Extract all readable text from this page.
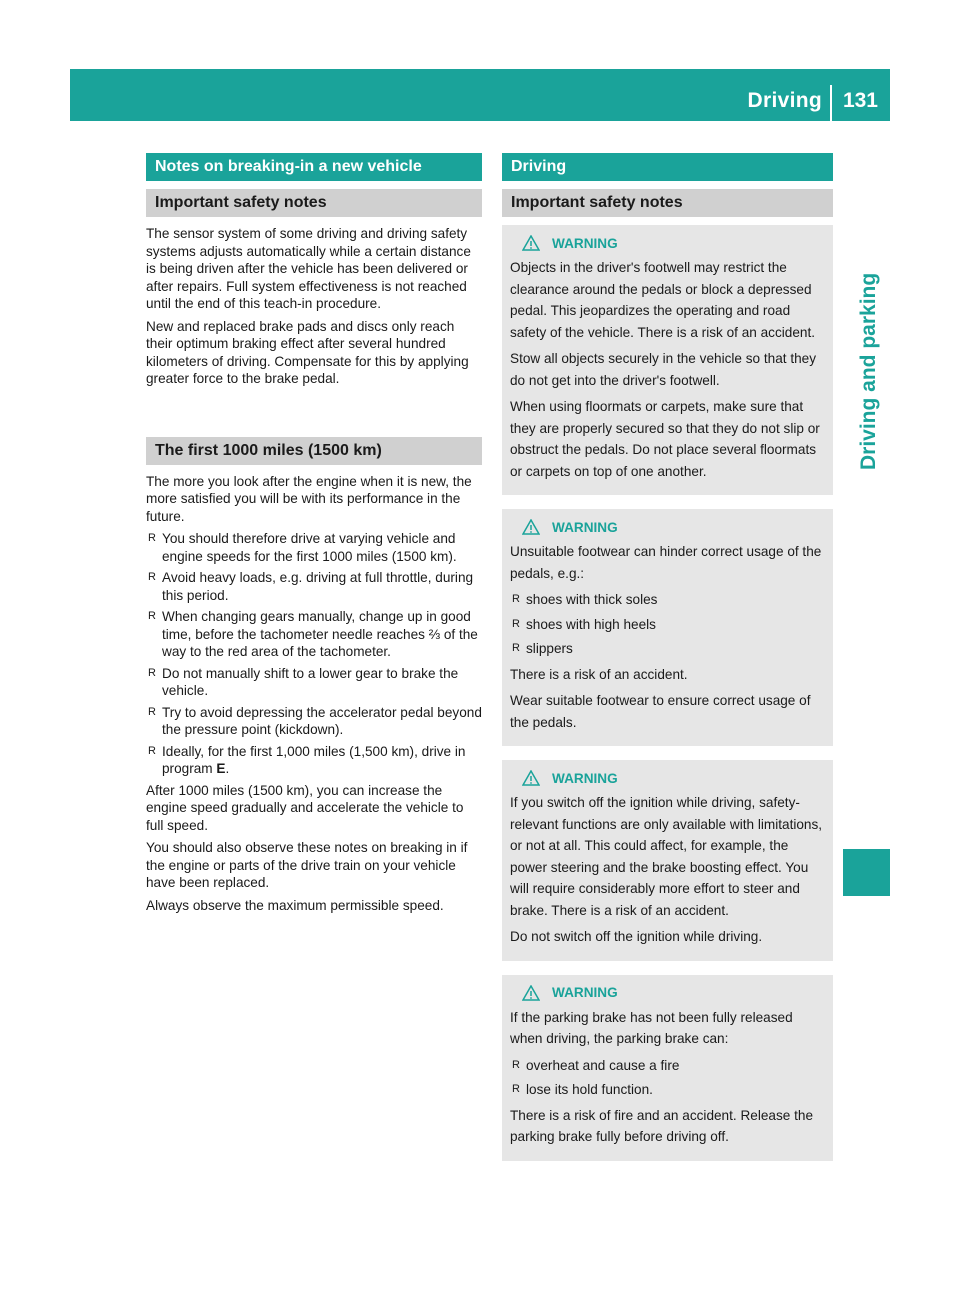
Driving 131
Driving and parking
Notes on breaking-in a new vehicle
Important safety notes

The sensor system of some driving and driving safety systems adjusts automatically while a certain distance is being driven after the vehicle has been delivered or after repairs. Full system effectiveness is not reached until the end of this teach-in procedure.

New and replaced brake pads and discs only reach their optimum braking effect after several hundred kilometers of driving. Compensate for this by applying greater force to the brake pedal.

The first 1000 miles (1500 km)

The more you look after the engine when it is new, the more satisfied you will be with its performance in the future.

R You should therefore drive at varying vehicle and engine speeds for the first 1000 miles (1500 km).
R Avoid heavy loads, e.g. driving at full throttle, during this period.
R When changing gears manually, change up in good time, before the tachometer needle reaches ⅔ of the way to the red area of the tachometer.
R Do not manually shift to a lower gear to brake the vehicle.
R Try to avoid depressing the accelerator pedal beyond the pressure point (kickdown).
R Ideally, for the first 1,000 miles (1,500 km), drive in program E.

After 1000 miles (1500 km), you can increase the engine speed gradually and accelerate the vehicle to full speed.

You should also observe these notes on breaking in if the engine or parts of the drive train on your vehicle have been replaced.

Always observe the maximum permissible speed.

Driving
Important safety notes
WARNING

Objects in the driver's footwell may restrict the clearance around the pedals or block a depressed pedal. This jeopardizes the operating and road safety of the vehicle. There is a risk of an accident.

Stow all objects securely in the vehicle so that they do not get into the driver's footwell.

When using floormats or carpets, make sure that they are properly secured so that they do not slip or obstruct the pedals. Do not place several floormats or carpets on top of one another.

WARNING

Unsuitable footwear can hinder correct usage of the pedals, e.g.:

R shoes with thick soles
R shoes with high heels
R slippers

There is a risk of an accident.

Wear suitable footwear to ensure correct usage of the pedals.

WARNING

If you switch off the ignition while driving, safety-relevant functions are only available with limitations, or not at all. This could affect, for example, the power steering and the brake boosting effect. You will require considerably more effort to steer and brake. There is a risk of an accident.

Do not switch off the ignition while driving.

WARNING

If the parking brake has not been fully released when driving, the parking brake can:

R overheat and cause a fire
R lose its hold function.

There is a risk of fire and an accident. Release the parking brake fully before driving off.
